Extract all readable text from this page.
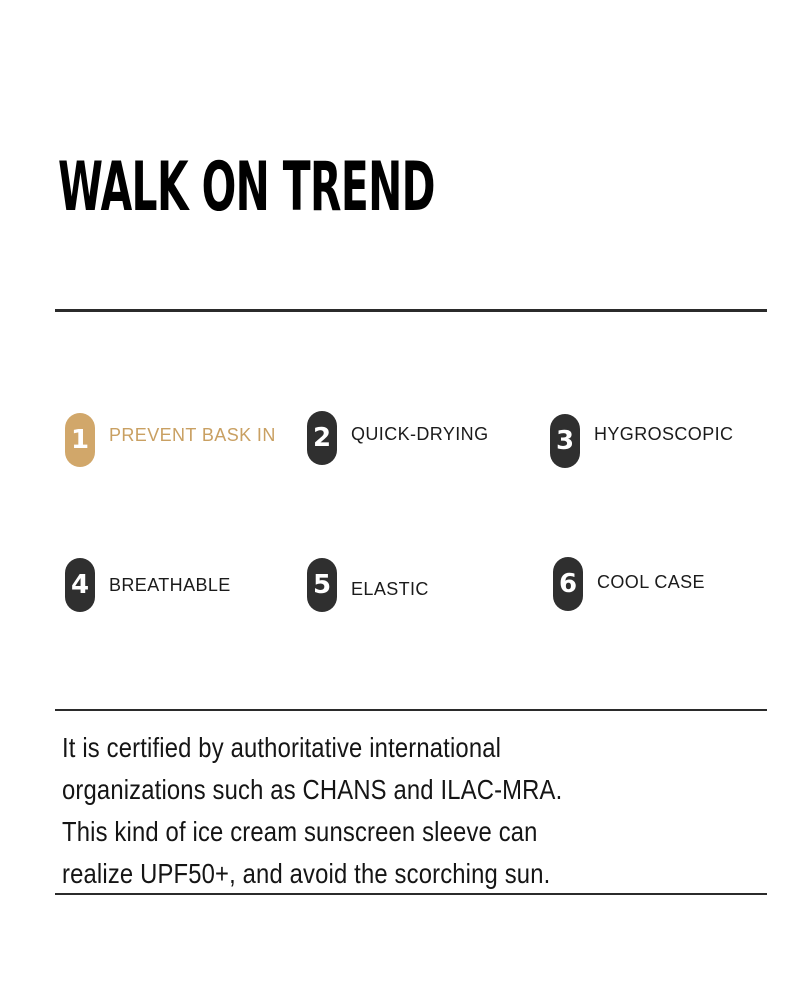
WALK ON TREND
1	PREVENT BASK IN 2	QUICK-DRYING	3	HYGROSCOPIC
4	BREATHABLE	5	ELASTIC	6	COOL CASE
It is certified by authoritative international
organizations such as CHANS and ILAC-MRA.
This kind of ice cream sunscreen sleeve can
realize UPF50+, and avoid the scorching sun.
